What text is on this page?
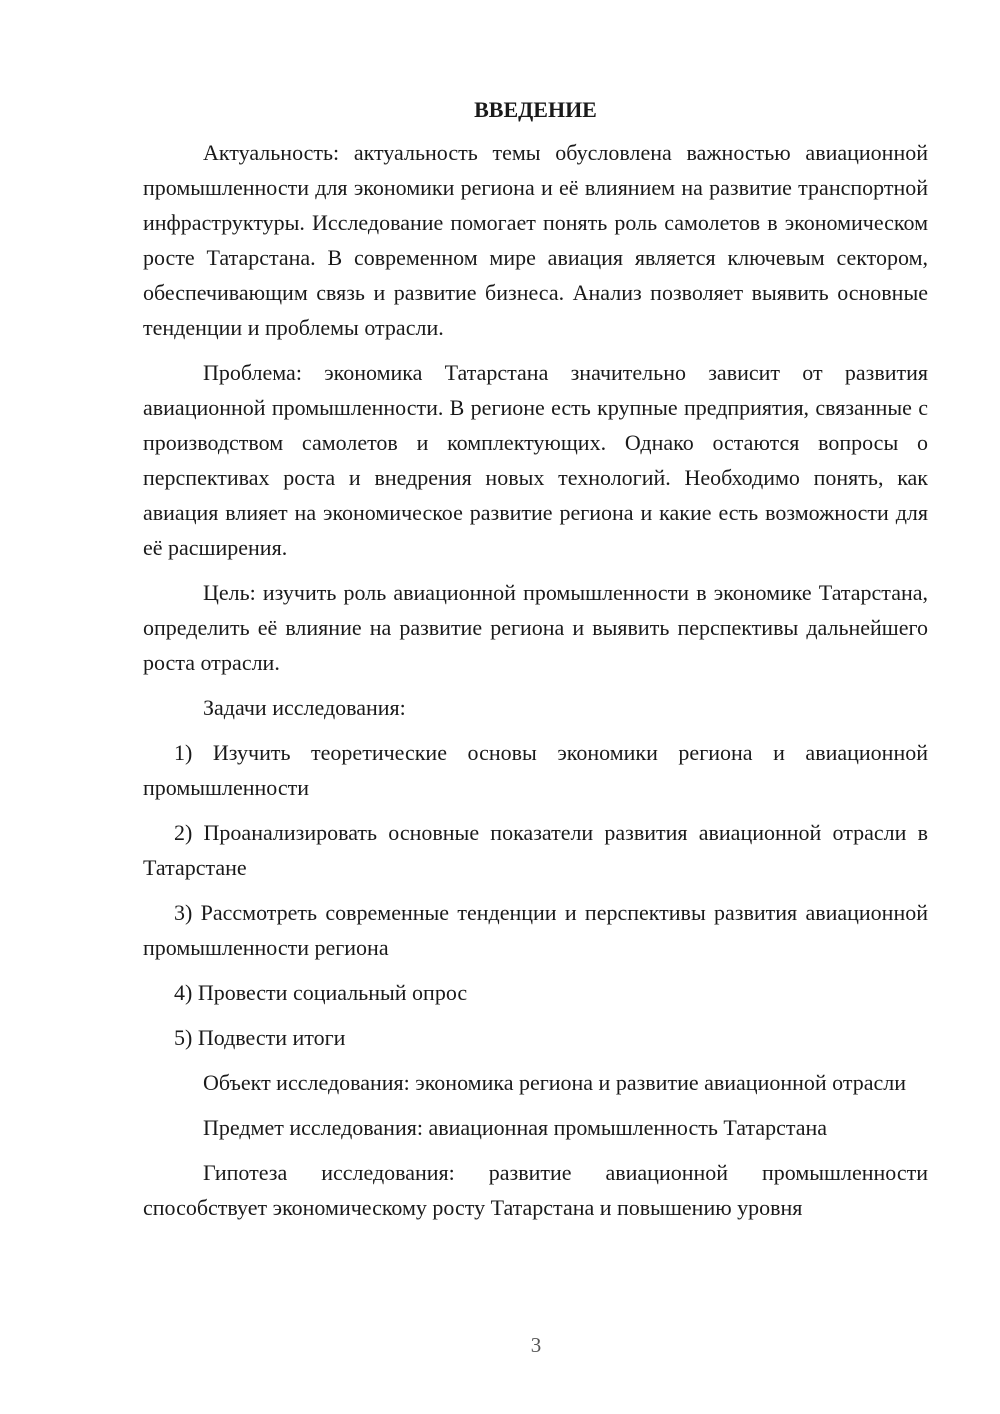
ВВЕДЕНИЕ

Актуальность: актуальность темы обусловлена важностью авиационной промышленности для экономики региона и её влиянием на развитие транспортной инфраструктуры. Исследование помогает понять роль самолетов в экономическом росте Татарстана. В современном мире авиация является ключевым сектором, обеспечивающим связь и развитие бизнеса. Анализ позволяет выявить основные тенденции и проблемы отрасли.

Проблема: экономика Татарстана значительно зависит от развития авиационной промышленности. В регионе есть крупные предприятия, связанные с производством самолетов и комплектующих. Однако остаются вопросы о перспективах роста и внедрения новых технологий. Необходимо понять, как авиация влияет на экономическое развитие региона и какие есть возможности для её расширения.

Цель: изучить роль авиационной промышленности в экономике Татарстана, определить её влияние на развитие региона и выявить перспективы дальнейшего роста отрасли.

Задачи исследования:

1) Изучить теоретические основы экономики региона и авиационной промышленности

2) Проанализировать основные показатели развития авиационной отрасли в Татарстане

3) Рассмотреть современные тенденции и перспективы развития авиационной промышленности региона

4) Провести социальный опрос

5) Подвести итоги

Объект исследования: экономика региона и развитие авиационной отрасли

Предмет исследования: авиационная промышленность Татарстана

Гипотеза исследования: развитие авиационной промышленности способствует экономическому росту Татарстана и повышению уровня

3
